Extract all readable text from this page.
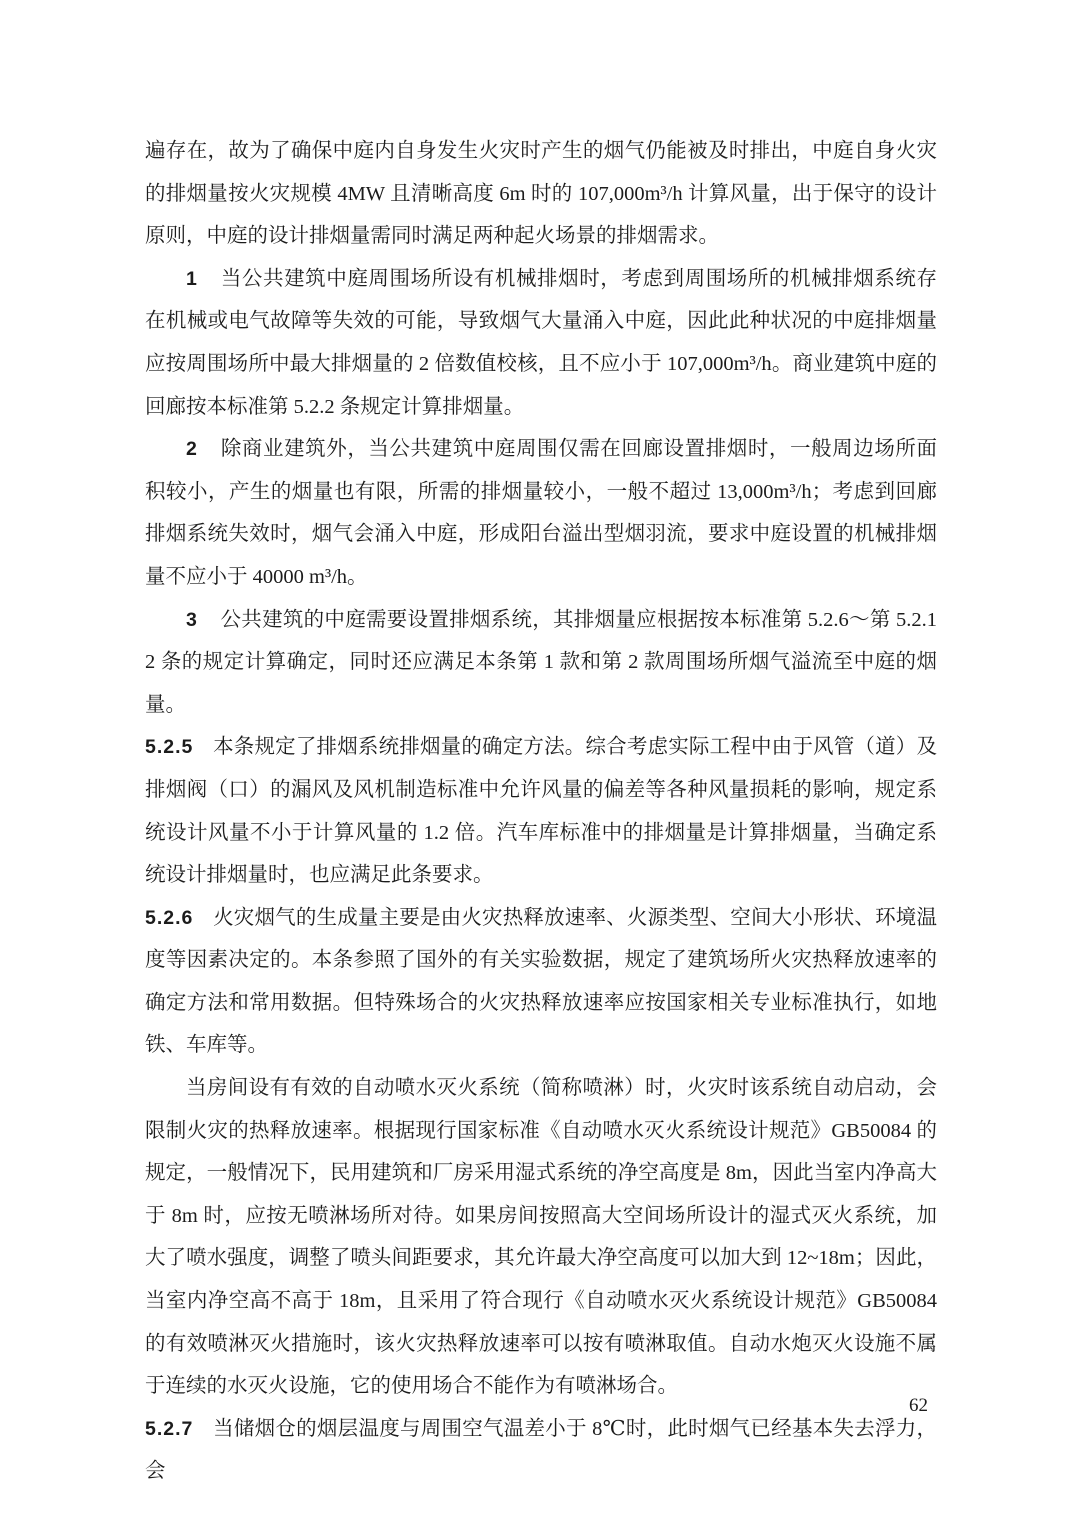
遍存在，故为了确保中庭内自身发生火灾时产生的烟气仍能被及时排出，中庭自身火灾的排烟量按火灾规模 4MW 且清晰高度 6m 时的 107,000m³/h 计算风量，出于保守的设计原则，中庭的设计排烟量需同时满足两种起火场景的排烟需求。

1 当公共建筑中庭周围场所设有机械排烟时，考虑到周围场所的机械排烟系统存在机械或电气故障等失效的可能，导致烟气大量涌入中庭，因此此种状况的中庭排烟量应按周围场所中最大排烟量的 2 倍数值校核，且不应小于 107,000m³/h。商业建筑中庭的回廊按本标准第 5.2.2 条规定计算排烟量。

2 除商业建筑外，当公共建筑中庭周围仅需在回廊设置排烟时，一般周边场所面积较小，产生的烟量也有限，所需的排烟量较小，一般不超过 13,000m³/h；考虑到回廊排烟系统失效时，烟气会涌入中庭，形成阳台溢出型烟羽流，要求中庭设置的机械排烟量不应小于 40000 m³/h。

3 公共建筑的中庭需要设置排烟系统，其排烟量应根据按本标准第 5.2.6～第 5.2.12 条的规定计算确定，同时还应满足本条第 1 款和第 2 款周围场所烟气溢流至中庭的烟量。

5.2.5 本条规定了排烟系统排烟量的确定方法。综合考虑实际工程中由于风管（道）及排烟阀（口）的漏风及风机制造标准中允许风量的偏差等各种风量损耗的影响，规定系统设计风量不小于计算风量的 1.2 倍。汽车库标准中的排烟量是计算排烟量，当确定系统设计排烟量时，也应满足此条要求。

5.2.6 火灾烟气的生成量主要是由火灾热释放速率、火源类型、空间大小形状、环境温度等因素决定的。本条参照了国外的有关实验数据，规定了建筑场所火灾热释放速率的确定方法和常用数据。但特殊场合的火灾热释放速率应按国家相关专业标准执行，如地铁、车库等。

当房间设有有效的自动喷水灭火系统（简称喷淋）时，火灾时该系统自动启动，会限制火灾的热释放速率。根据现行国家标准《自动喷水灭火系统设计规范》GB50084 的规定，一般情况下，民用建筑和厂房采用湿式系统的净空高度是 8m，因此当室内净高大于 8m 时，应按无喷淋场所对待。如果房间按照高大空间场所设计的湿式灭火系统，加大了喷水强度，调整了喷头间距要求，其允许最大净空高度可以加大到 12~18m；因此，当室内净空高不高于 18m，且采用了符合现行《自动喷水灭火系统设计规范》GB50084 的有效喷淋灭火措施时，该火灾热释放速率可以按有喷淋取值。自动水炮灭火设施不属于连续的水灭火设施，它的使用场合不能作为有喷淋场合。

5.2.7 当储烟仓的烟层温度与周围空气温差小于 8℃时，此时烟气已经基本失去浮力，会

62
